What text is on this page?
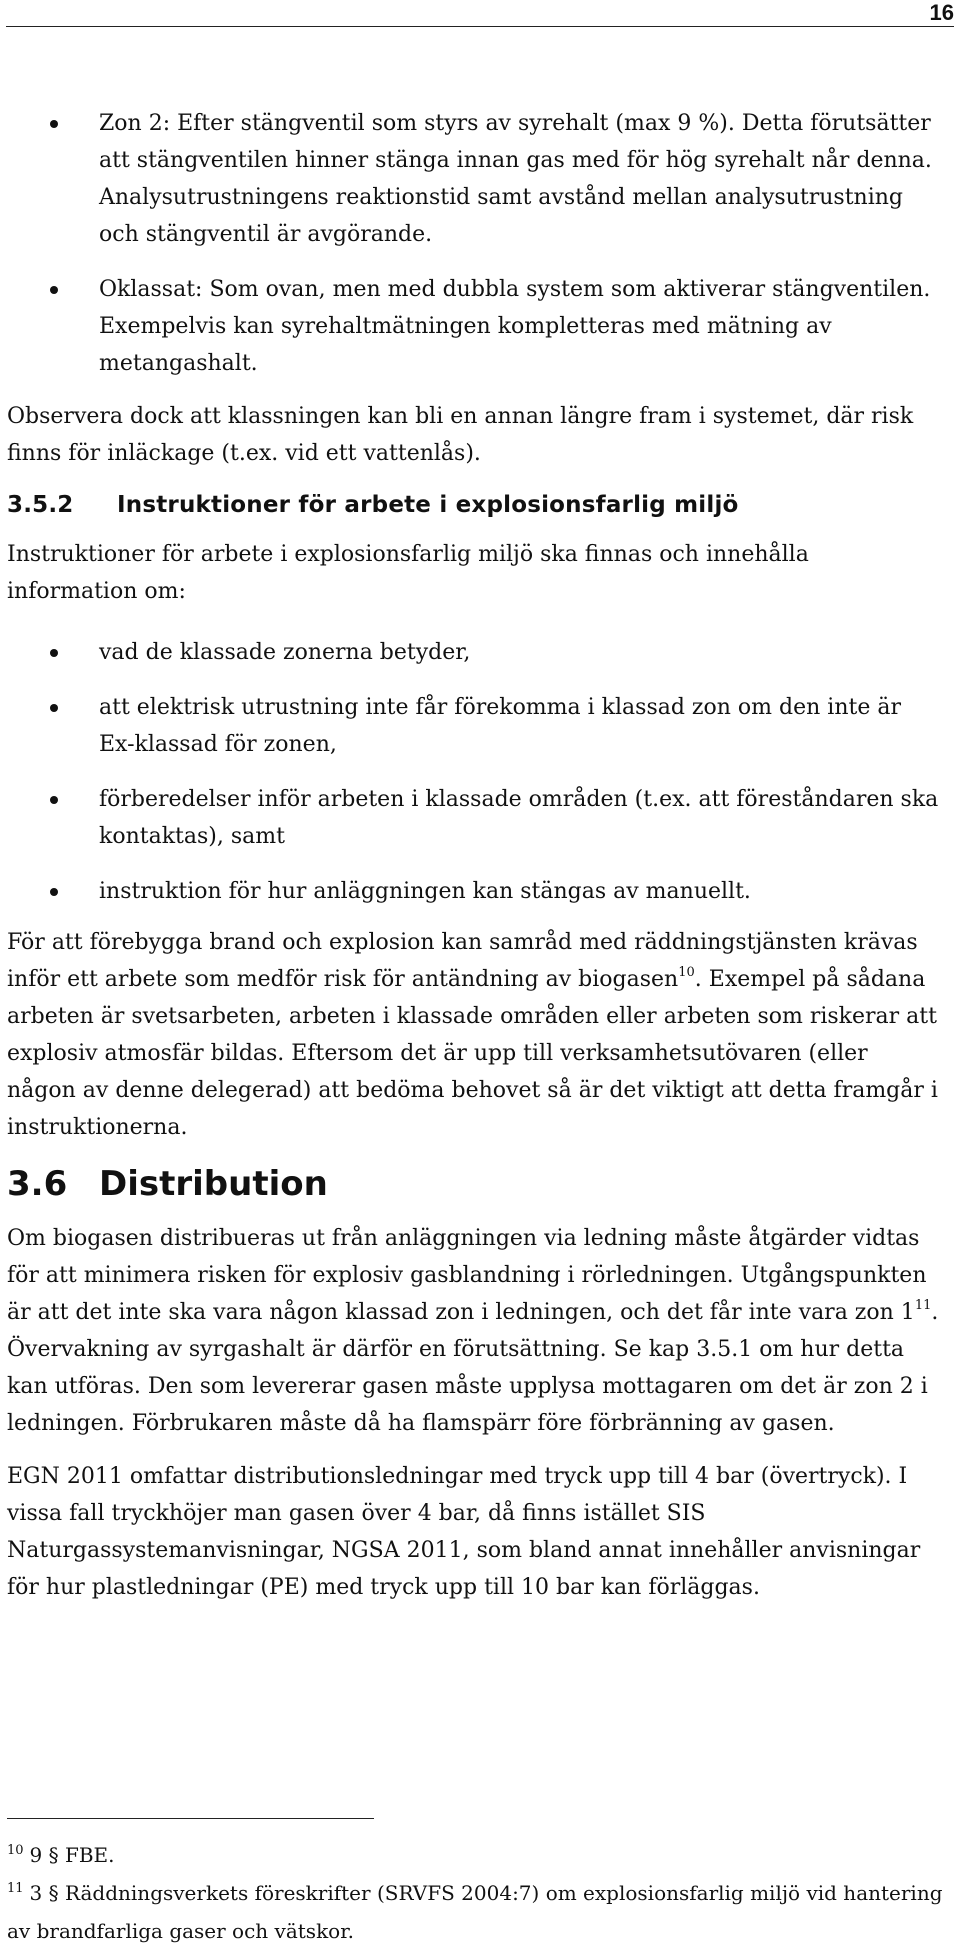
16
Zon 2: Efter stängventil som styrs av syrehalt (max 9 %). Detta förutsätter att stängventilen hinner stänga innan gas med för hög syrehalt når denna. Analysutrustningens reaktionstid samt avstånd mellan analysutrustning och stängventil är avgörande.
Oklassat: Som ovan, men med dubbla system som aktiverar stängventilen. Exempelvis kan syrehaltmätningen kompletteras med mätning av metangashalt.

Observera dock att klassningen kan bli en annan längre fram i systemet, där risk finns för inläckage (t.ex. vid ett vattenlås).

3.5.2 Instruktioner för arbete i explosionsfarlig miljö

Instruktioner för arbete i explosionsfarlig miljö ska finnas och innehålla information om:

vad de klassade zonerna betyder,
att elektrisk utrustning inte får förekomma i klassad zon om den inte är Ex-klassad för zonen,
förberedelser inför arbeten i klassade områden (t.ex. att föreståndaren ska kontaktas), samt
instruktion för hur anläggningen kan stängas av manuellt.

För att förebygga brand och explosion kan samråd med räddningstjänsten krävas inför ett arbete som medför risk för antändning av biogasen$^{10}$. Exempel på sådana arbeten är svetsarbeten, arbeten i klassade områden eller arbeten som riskerar att explosiv atmosfär bildas. Eftersom det är upp till verksamhetsutövaren (eller någon av denne delegerad) att bedöma behovet så är det viktigt att detta framgår i instruktionerna.

3.6 Distribution

Om biogasen distribueras ut från anläggningen via ledning måste åtgärder vidtas för att minimera risken för explosiv gasblandning i rörledningen. Utgångspunkten är att det inte ska vara någon klassad zon i ledningen, och det får inte vara zon 1$^{11}$. Övervakning av syrgashalt är därför en förutsättning. Se kap 3.5.1 om hur detta kan utföras. Den som levererar gasen måste upplysa mottagaren om det är zon 2 i ledningen. Förbrukaren måste då ha flamspärr före förbränning av gasen.

EGN 2011 omfattar distributionsledningar med tryck upp till 4 bar (övertryck). I vissa fall tryckhöjer man gasen över 4 bar, då finns istället SIS Naturgassystemanvisningar, NGSA 2011, som bland annat innehåller anvisningar för hur plastledningar (PE) med tryck upp till 10 bar kan förläggas.

$^{10}$ 9 § FBE.

$^{11}$ 3 § Räddningsverkets föreskrifter (SRVFS 2004:7) om explosionsfarlig miljö vid hantering av brandfarliga gaser och vätskor.
